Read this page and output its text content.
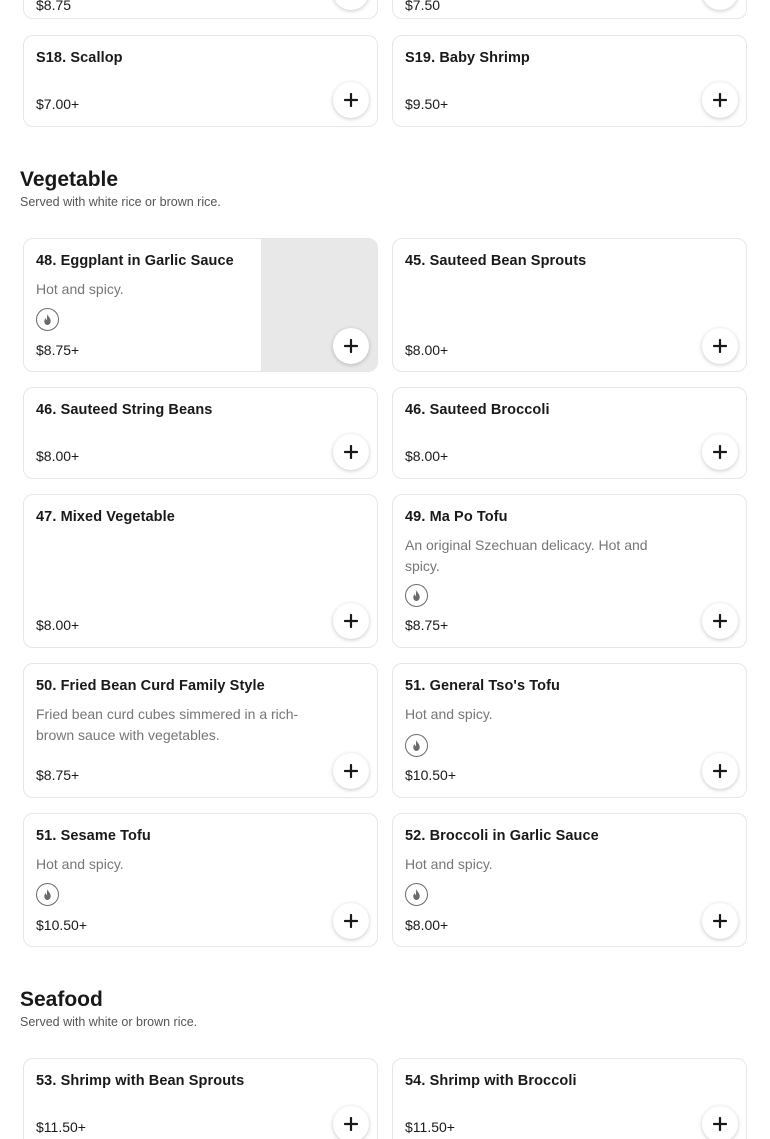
$8.75	$7.50
S18. Scallop
$7.00+
S19. Baby Shrimp
$9.50+
Vegetable
Served with white rice or brown rice.
48. Eggplant in Garlic Sauce
Hot and spicy.
$8.75+
45. Sauteed Bean Sprouts
$8.00+
46. Sauteed String Beans
$8.00+
46. Sauteed Broccoli
$8.00+
47. Mixed Vegetable
$8.00+
49. Ma Po Tofu
An original Szechuan delicacy. Hot and spicy.
$8.75+
50. Fried Bean Curd Family Style
Fried bean curd cubes simmered in a rich-brown sauce with vegetables.
$8.75+
51. General Tso's Tofu
Hot and spicy.
$10.50+
51. Sesame Tofu
Hot and spicy.
$10.50+
52. Broccoli in Garlic Sauce
Hot and spicy.
$8.00+
Seafood
Served with white or brown rice.
53. Shrimp with Bean Sprouts
$11.50+
54. Shrimp with Broccoli
$11.50+
